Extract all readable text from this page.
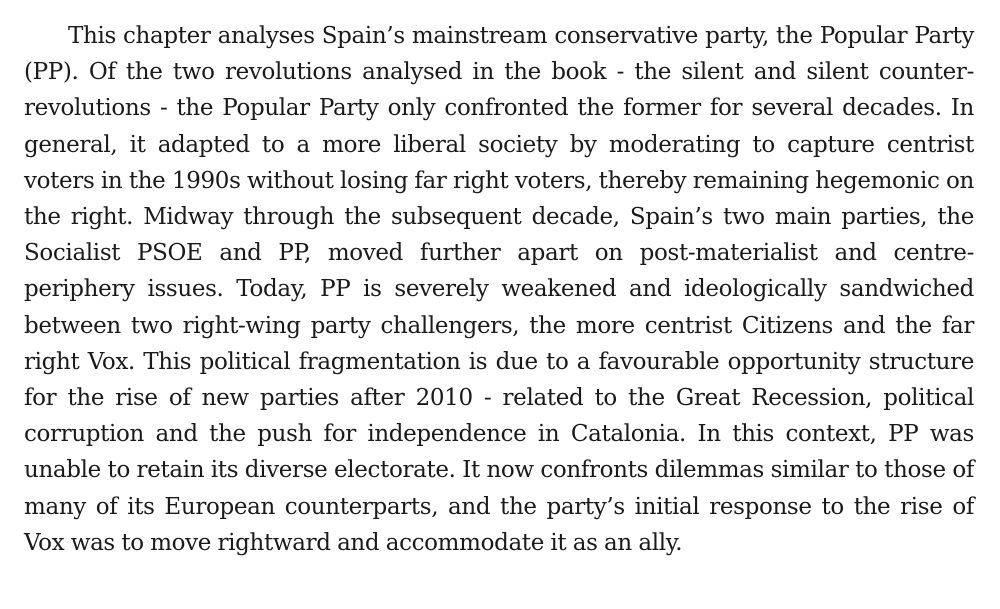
This chapter analyses Spain’s mainstream conservative party, the Popular Party (PP). Of the two revolutions analysed in the book - the silent and silent counter-revolutions - the Popular Party only confronted the former for several decades. In general, it adapted to a more liberal society by moderating to capture centrist voters in the 1990s without losing far right voters, thereby remaining hegemonic on the right. Midway through the subsequent decade, Spain’s two main parties, the Socialist PSOE and PP, moved further apart on post-materialist and centre-periphery issues. Today, PP is severely weakened and ideologically sandwiched between two right-wing party challengers, the more centrist Citizens and the far right Vox. This political fragmentation is due to a favourable opportunity structure for the rise of new parties after 2010 - related to the Great Recession, political corruption and the push for independence in Catalonia. In this context, PP was unable to retain its diverse electorate. It now confronts dilemmas similar to those of many of its European counterparts, and the party’s initial response to the rise of Vox was to move rightward and accommodate it as an ally.
